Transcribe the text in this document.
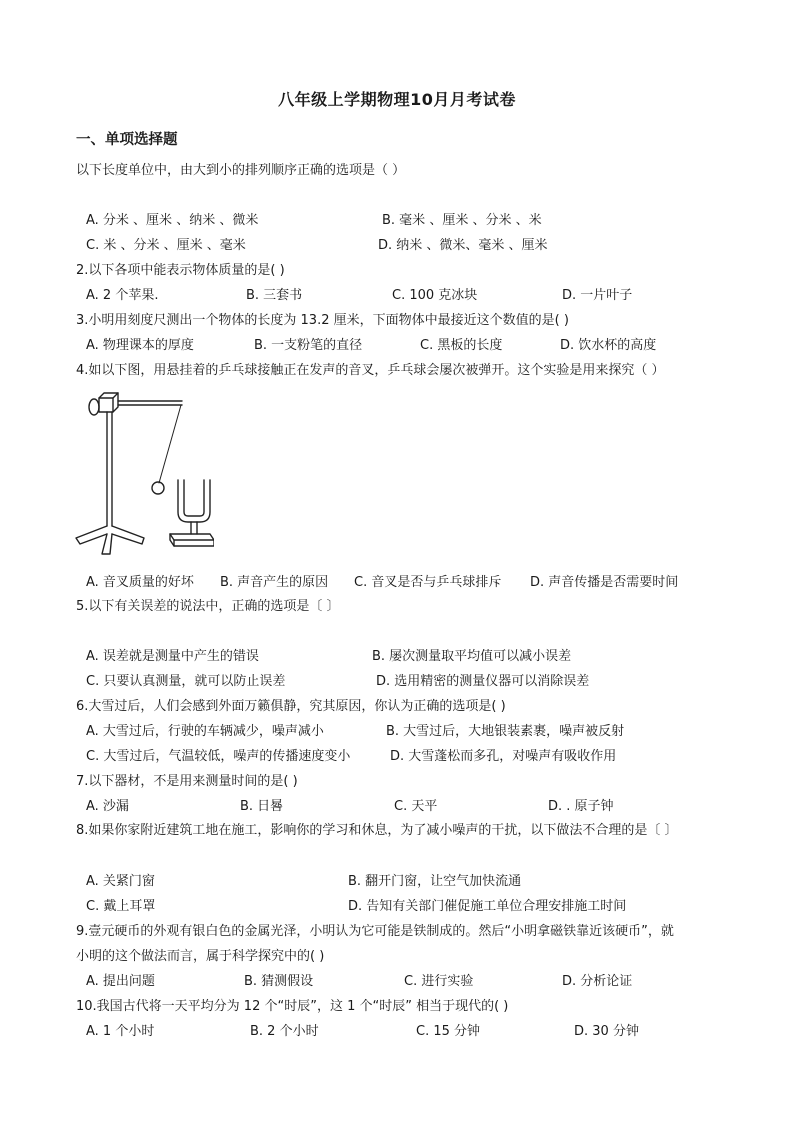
八年级上学期物理10月月考试卷
一、单项选择题
以下长度单位中，由大到小的排列顺序正确的选项是（ ）
A. 分米 、厘米 、纳米 、微米	B. 毫米 、厘米 、分米 、米
C. 米 、分米 、厘米 、毫米	D. 纳米 、微米、毫米 、厘米
2.以下各项中能表示物体质量的是( )
A. 2 个苹果.	B. 三套书	C. 100 克冰块	D. 一片叶子
3.小明用刻度尺测出一个物体的长度为 13.2 厘米，下面物体中最接近这个数值的是( )
A. 物理课本的厚度	B. 一支粉笔的直径	C. 黑板的长度	D. 饮水杯的高度
4.如以下图，用悬挂着的乒乓球接触正在发声的音叉，乒乓球会屡次被弹开。这个实验是用来探究（ ）
A. 音叉质量的好坏 B. 声音产生的原因 C. 音叉是否与乒乓球排斥 D. 声音传播是否需要时间
5.以下有关误差的说法中，正确的选项是〔 〕
A. 误差就是测量中产生的错误	B. 屡次测量取平均值可以减小误差
C. 只要认真测量，就可以防止误差	D. 选用精密的测量仪器可以消除误差
6.大雪过后，人们会感到外面万籁俱静，究其原因，你认为正确的选项是( )
A. 大雪过后，行驶的车辆减少，噪声减小	B. 大雪过后，大地银装素裹，噪声被反射
C. 大雪过后，气温较低，噪声的传播速度变小	D. 大雪蓬松而多孔，对噪声有吸收作用
7.以下器材，不是用来测量时间的是( )
A. 沙漏	B. 日晷	C. 天平	D. . 原子钟
8.如果你家附近建筑工地在施工，影响你的学习和休息，为了减小噪声的干扰，以下做法不合理的是〔 〕
A. 关紧门窗	B. 翻开门窗，让空气加快流通
C. 戴上耳罩	D. 告知有关部门催促施工单位合理安排施工时间
9.壹元硬币的外观有银白色的金属光泽，小明认为它可能是铁制成的。然后“小明拿磁铁靠近该硬币”，就
小明的这个做法而言，属于科学探究中的( )
A. 提出问题	B. 猜测假设	C. 进行实验	D. 分析论证
10.我国古代将一天平均分为 12 个“时辰”，这 1 个“时辰” 相当于现代的( )
A. 1 个小时	B. 2 个小时	C. 15 分钟	D. 30 分钟
